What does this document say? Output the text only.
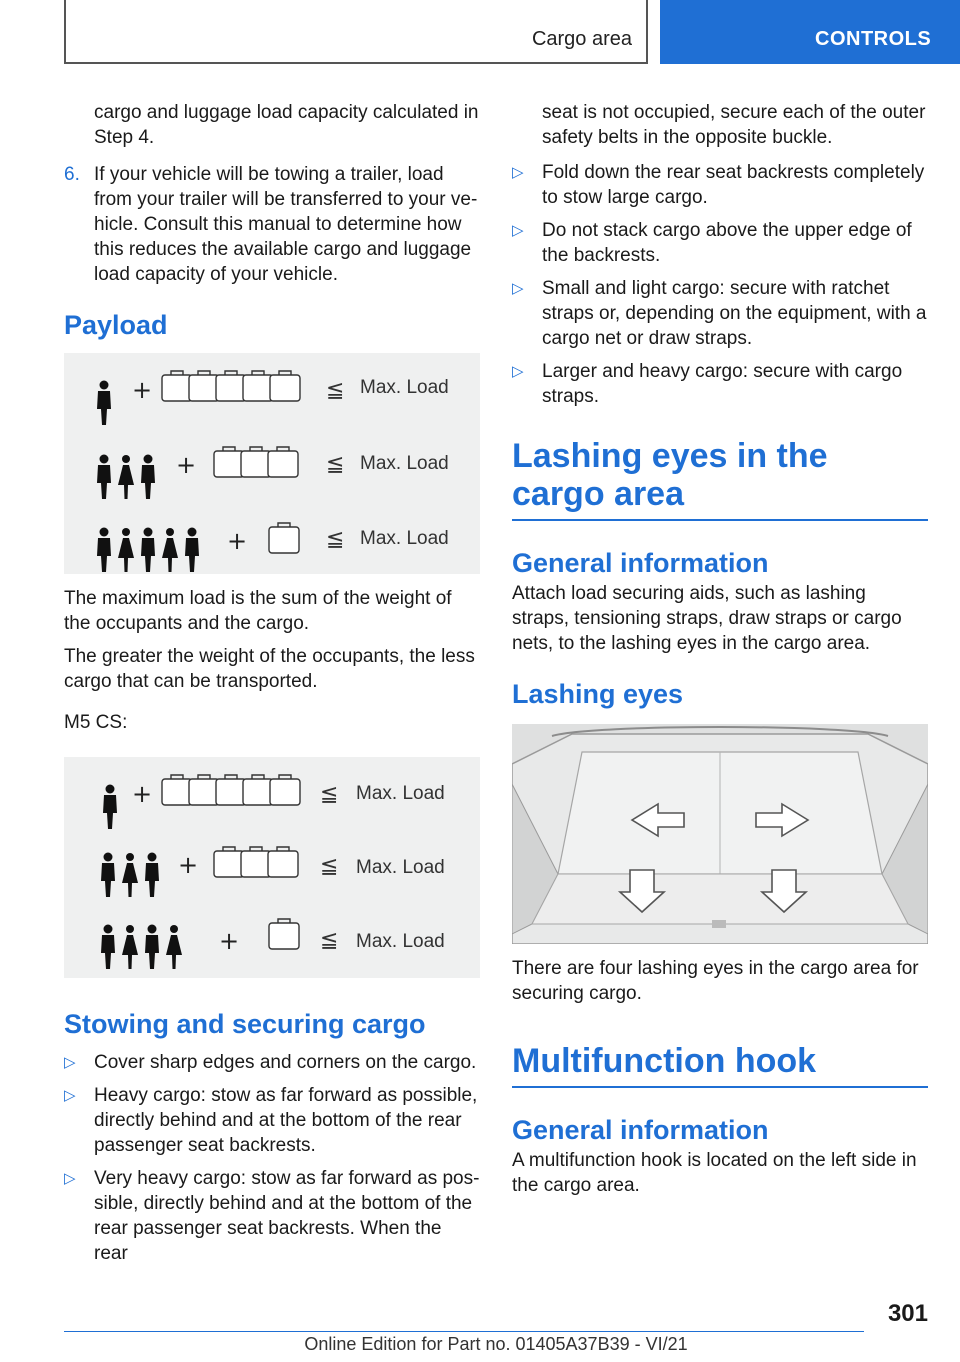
Cargo area	CONTROLS

cargo and luggage load capacity calculated in Step 4.

6. If your vehicle will be towing a trailer, load from your trailer will be transferred to your ve‐hicle. Consult this manual to determine how this reduces the available cargo and luggage load capacity of your vehicle.
Payload
+	≦ Max. Load
+	≦ Max. Load
+	≦ Max. Load

The maximum load is the sum of the weight of the occupants and the cargo.

The greater the weight of the occupants, the less cargo that can be transported.

M5 CS:

+	≦ Max. Load
+	≦ Max. Load
+	≦ Max. Load
Stowing and securing cargo
▷ Cover sharp edges and corners on the cargo.
▷ Heavy cargo: stow as far forward as possible, directly behind and at the bottom of the rear passenger seat backrests.
▷ Very heavy cargo: stow as far forward as pos‐sible, directly behind and at the bottom of the rear passenger seat backrests. When the rear

seat is not occupied, secure each of the outer safety belts in the opposite buckle.

▷ Fold down the rear seat backrests completely to stow large cargo.
▷ Do not stack cargo above the upper edge of the backrests.
▷ Small and light cargo: secure with ratchet straps or, depending on the equipment, with a cargo net or draw straps.
▷ Larger and heavy cargo: secure with cargo straps.
Lashing eyes in the cargo area
General information

Attach load securing aids, such as lashing straps, tensioning straps, draw straps or cargo nets, to the lashing eyes in the cargo area.

Lashing eyes

There are four lashing eyes in the cargo area for securing cargo.

Multifunction hook
General information

A multifunction hook is located on the left side in the cargo area.

301
Online Edition for Part no. 01405A37B39 - VI/21
